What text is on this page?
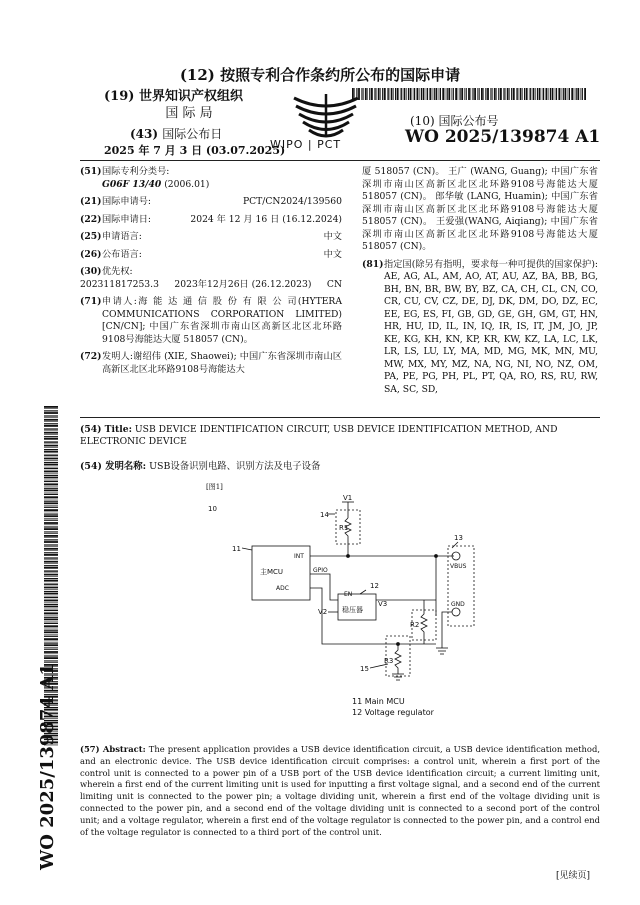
(12) 按照专利合作条约所公布的国际申请
(19) 世界知识产权组织
国 际 局
(43) 国际公布日
2025 年 7 月 3 日 (03.07.2025)
WIPO | PCT
(10) 国际公布号
WO 2025/139874 A1
(51) 国际专利分类号:
G06F 13/40 (2006.01)
(21) 国际申请号:	PCT/CN2024/139560
(22) 国际申请日:	2024 年 12 月 16 日 (16.12.2024)
(25) 申请语言:	中文
(26) 公布语言:	中文
(30) 优先权:
202311817253.3 2023年12月26日 (26.12.2023) CN
(71) 申请人:海 能 达 通 信 股 份 有 限 公 司(HYTERA COMMUNICATIONS CORPORATION LIMITED) [CN/CN]; 中国广东省深圳市南山区高新区北区北环路9108号海能达大厦 518057 (CN)。
(72) 发明人:谢绍伟 (XIE, Shaowei); 中国广东省深圳市南山区高新区北区北环路9108号海能达大
厦 518057 (CN)。 王广 (WANG, Guang); 中国广东省深圳市南山区高新区北区北环路9108号海能达大厦 518057 (CN)。 郎华敏 (LANG, Huamin); 中国广东省深圳市南山区高新区北区北环路9108号海能达大厦 518057 (CN)。 王爱强(WANG, Aiqiang); 中国广东省深圳市南山区高新区北区北环路9108号海能达大厦 518057 (CN)。
(81) 指定国(除另有指明，要求每一种可提供的国家保护): AE, AG, AL, AM, AO, AT, AU, AZ, BA, BB, BG, BH, BN, BR, BW, BY, BZ, CA, CH, CL, CN, CO, CR, CU, CV, CZ, DE, DJ, DK, DM, DO, DZ, EC, EE, EG, ES, FI, GB, GD, GE, GH, GM, GT, HN, HR, HU, ID, IL, IN, IQ, IR, IS, IT, JM, JO, JP, KE, KG, KH, KN, KP, KR, KW, KZ, LA, LC, LK, LR, LS, LU, LY, MA, MD, MG, MK, MN, MU, MW, MX, MY, MZ, NA, NG, NI, NO, NZ, OM, PA, PE, PG, PH, PL, PT, QA, RO, RS, RU, RW, SA, SC, SD,
WO 2025/139874 A1
(54) Title: USB DEVICE IDENTIFICATION CIRCUIT, USB DEVICE IDENTIFICATION METHOD, AND ELECTRONIC DEVICE
(54) 发明名称: USB设备识别电路、识别方法及电子设备
[图1]
10
11
12
13
14
15
V1
V2
V3
R1
R2
R3
主MCU
INT
GPIO
ADC
EN
稳压器
VBUS
GND
11 Main MCU
12 Voltage regulator
(57) Abstract: The present application provides a USB device identification circuit, a USB device identification method, and an electronic device. The USB device identification circuit comprises: a control unit, wherein a first port of the control unit is connected to a power pin of a USB port of the USB device identification circuit; a current limiting unit, wherein a first end of the current limiting unit is used for inputting a first voltage signal, and a second end of the current limiting unit is connected to the power pin; a voltage dividing unit, wherein a first end of the voltage dividing unit is connected to the power pin, and a second end of the voltage dividing unit is connected to a second port of the control unit; and a voltage regulator, wherein a first end of the voltage regulator is connected to the power pin, and a control end of the voltage regulator is connected to a third port of the control unit.
[见续页]
